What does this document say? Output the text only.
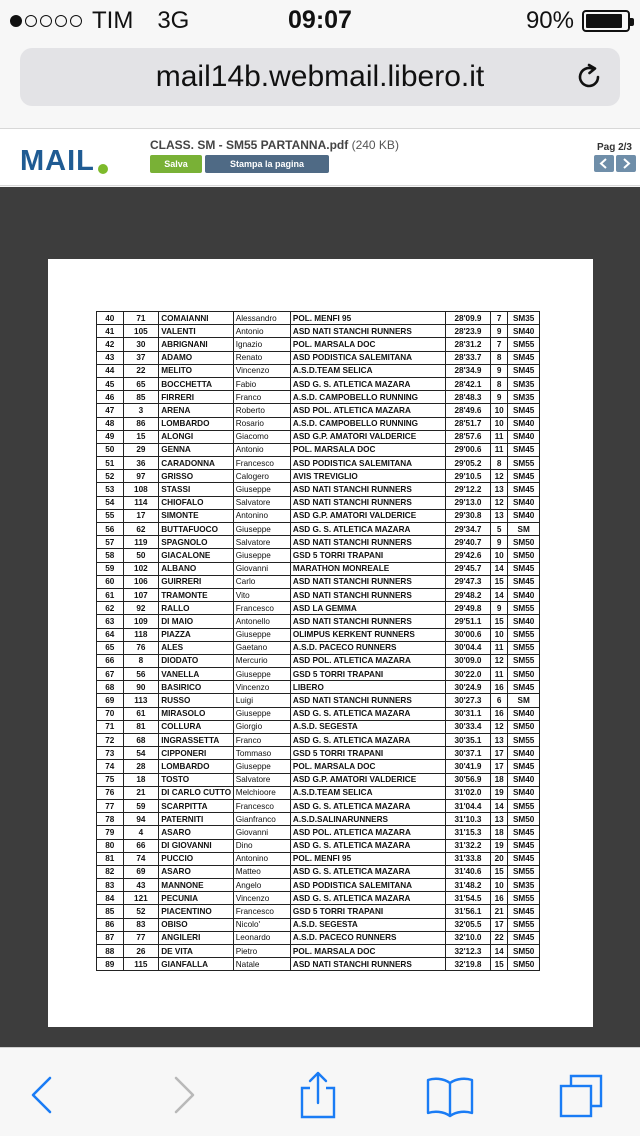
TIM 3G	09:07	90%
mail14b.webmail.libero.it
MAIL	CLASS. SM - SM55 PARTANNA.pdf (240 KB)
Salva	Stampa la pagina visualizzata
Pag 2/3
40	71	COMAIANNI	Alessandro	POL. MENFI 95	28'09.9	7	SM35
41	105	VALENTI	Antonio	ASD NATI STANCHI RUNNERS	28'23.9	9	SM40
42	30	ABRIGNANI	Ignazio	POL. MARSALA DOC	28'31.2	7	SM55
43	37	ADAMO	Renato	ASD PODISTICA SALEMITANA	28'33.7	8	SM45
44	22	MELITO	Vincenzo	A.S.D.TEAM SELICA	28'34.9	9	SM45
45	65	BOCCHETTA	Fabio	ASD G. S. ATLETICA MAZARA	28'42.1	8	SM35
46	85	FIRRERI	Franco	A.S.D. CAMPOBELLO RUNNING	28'48.3	9	SM35
47	3	ARENA	Roberto	ASD POL. ATLETICA MAZARA	28'49.6	10	SM45
48	86	LOMBARDO	Rosario	A.S.D. CAMPOBELLO RUNNING	28'51.7	10	SM40
49	15	ALONGI	Giacomo	ASD G.P. AMATORI VALDERICE	28'57.6	11	SM40
50	29	GENNA	Antonio	POL. MARSALA DOC	29'00.6	11	SM45
51	36	CARADONNA	Francesco	ASD PODISTICA SALEMITANA	29'05.2	8	SM55
52	97	GRISSO	Calogero	AVIS TREVIGLIO	29'10.5	12	SM45
53	108	STASSI	Giuseppe	ASD NATI STANCHI RUNNERS	29'12.2	13	SM45
54	114	CHIOFALO	Salvatore	ASD NATI STANCHI RUNNERS	29'13.0	12	SM40
55	17	SIMONTE	Antonino	ASD G.P. AMATORI VALDERICE	29'30.8	13	SM40
56	62	BUTTAFUOCO	Giuseppe	ASD G. S. ATLETICA MAZARA	29'34.7	5	SM
57	119	SPAGNOLO	Salvatore	ASD NATI STANCHI RUNNERS	29'40.7	9	SM50
58	50	GIACALONE	Giuseppe	GSD 5 TORRI TRAPANI	29'42.6	10	SM50
59	102	ALBANO	Giovanni	MARATHON MONREALE	29'45.7	14	SM45
60	106	GUIRRERI	Carlo	ASD NATI STANCHI RUNNERS	29'47.3	15	SM45
61	107	TRAMONTE	Vito	ASD NATI STANCHI RUNNERS	29'48.2	14	SM40
62	92	RALLO	Francesco	ASD LA GEMMA	29'49.8	9	SM55
63	109	DI MAIO	Antonello	ASD NATI STANCHI RUNNERS	29'51.1	15	SM40
64	118	PIAZZA	Giuseppe	OLIMPUS KERKENT RUNNERS	30'00.6	10	SM55
65	76	ALES	Gaetano	A.S.D. PACECO RUNNERS	30'04.4	11	SM55
66	8	DIODATO	Mercurio	ASD POL. ATLETICA MAZARA	30'09.0	12	SM55
67	56	VANELLA	Giuseppe	GSD 5 TORRI TRAPANI	30'22.0	11	SM50
68	90	BASIRICO	Vincenzo	LIBERO	30'24.9	16	SM45
69	113	RUSSO	Luigi	ASD NATI STANCHI RUNNERS	30'27.3	6	SM
70	61	MIRASOLO	Giuseppe	ASD G. S. ATLETICA MAZARA	30'31.1	16	SM40
71	81	COLLURA	Giorgio	A.S.D. SEGESTA	30'33.4	12	SM50
72	68	INGRASSETTA	Franco	ASD G. S. ATLETICA MAZARA	30'35.1	13	SM55
73	54	CIPPONERI	Tommaso	GSD 5 TORRI TRAPANI	30'37.1	17	SM40
74	28	LOMBARDO	Giuseppe	POL. MARSALA DOC	30'41.9	17	SM45
75	18	TOSTO	Salvatore	ASD G.P. AMATORI VALDERICE	30'56.9	18	SM40
76	21	DI CARLO CUTTO	Melchioore	A.S.D.TEAM SELICA	31'02.0	19	SM40
77	59	SCARPITTA	Francesco	ASD G. S. ATLETICA MAZARA	31'04.4	14	SM55
78	94	PATERNITI	Gianfranco	A.S.D.SALINARUNNERS	31'10.3	13	SM50
79	4	ASARO	Giovanni	ASD POL. ATLETICA MAZARA	31'15.3	18	SM45
80	66	DI GIOVANNI	Dino	ASD G. S. ATLETICA MAZARA	31'32.2	19	SM45
81	74	PUCCIO	Antonino	POL. MENFI 95	31'33.8	20	SM45
82	69	ASARO	Matteo	ASD G. S. ATLETICA MAZARA	31'40.6	15	SM55
83	43	MANNONE	Angelo	ASD PODISTICA SALEMITANA	31'48.2	10	SM35
84	121	PECUNIA	Vincenzo	ASD G. S. ATLETICA MAZARA	31'54.5	16	SM55
85	52	PIACENTINO	Francesco	GSD 5 TORRI TRAPANI	31'56.1	21	SM45
86	83	OBISO	Nicolo'	A.S.D. SEGESTA	32'05.5	17	SM55
87	77	ANGILERI	Leonardo	A.S.D. PACECO RUNNERS	32'10.0	22	SM45
88	26	DE VITA	Pietro	POL. MARSALA DOC	32'12.3	14	SM50
89	115	GIANFALLA	Natale	ASD NATI STANCHI RUNNERS	32'19.8	15	SM50
